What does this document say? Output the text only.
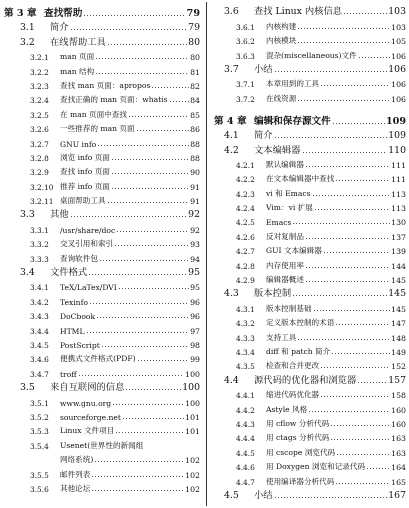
第 3 章 查找帮助	79
3.1	简介	79
3.2	在线帮助工具	80
3.2.1	man 页面	80
3.2.2	man 结构	81
3.2.3	查找 man 页面：apropos	82
3.2.4	查找正确的 man 页面：whatis	84
3.2.5	在 man 页面中查找	85
3.2.6	一些推荐的 man 页面	86
3.2.7	GNU info	88
3.2.8	浏览 info 页面	88
3.2.9	查找 info 页面	90
3.2.10 推荐 info 页面	91
3.2.11 桌面帮助工具	91
3.3	其他	92
3.3.1	/usr/share/doc	92
3.3.2	交叉引用和索引	93
3.3.3	查询软件包	94
3.4	文件格式	95
3.4.1	TeX/LaTex/DVI	95
3.4.2	Texinfo	96
3.4.3	DoCbook	96
3.4.4	HTML	97
3.4.5	PostScript	98
3.4.6	便携式文件格式(PDF)	99
3.4.7	troff	100
3.5	来自互联网的信息	100
3.5.1	www.gnu.org	100
3.5.2	sourceforge.net	101
3.5.3	Linux 文件项目	101
3.5.4	Usenet(世界性的新闻组
网络系统)	102
3.5.5	邮件列表	102
3.5.6	其他论坛	102
3.6	查找 Linux 内核信息	103
3.6.1	内核构建	103
3.6.2	内核模块	105
3.6.3	混杂(miscellaneous)文件	106
3.7	小结	106
3.7.1	本章用到的工具	106
3.7.2	在线资源	106
第 4 章 编辑和保存源文件	109
4.1	简介	109
4.2	文本编辑器	110
4.2.1	默认编辑器	111
4.2.2	在文本编辑器中查找	111
4.2.3	vi 和 Emacs	113
4.2.4	Vim：vi 扩展	113
4.2.5	Emacs	130
4.2.6	反对复制品	137
4.2.7	GUI 文本编辑器	139
4.2.8	内存使用率	144
4.2.9	编辑器概述	145
4.3	版本控制	145
4.3.1	版本控制基础	145
4.3.2	定义版本控制的术语	147
4.3.3	支持工具	148
4.3.4	diff 和 patch 简介	149
4.3.5	检查和合并更改	152
4.4	源代码的优化器和浏览器	157
4.4.1	缩进代码优化器	158
4.4.2	Astyle 风格	160
4.4.3	用 cflow 分析代码	160
4.4.4	用 ctags 分析代码	163
4.4.5	用 cscope 浏览代码	163
4.4.6	用 Doxygen 浏览和记录代码	164
4.4.7	使用编译器分析代码	165
4.5	小结	167
